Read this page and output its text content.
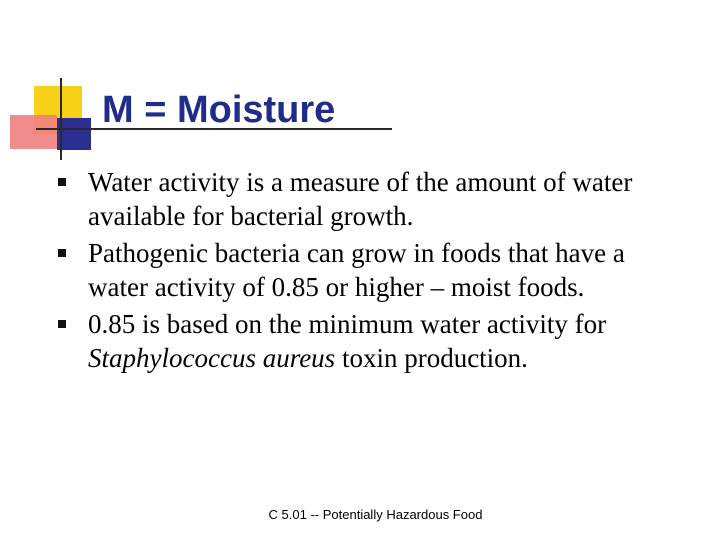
M = Moisture
Water activity is a measure of the amount of water available for bacterial growth.
Pathogenic bacteria can grow in foods that have a water activity of 0.85 or higher – moist foods.
0.85 is based on the minimum water activity for Staphylococcus aureus toxin production.
C 5.01 -- Potentially Hazardous Food
